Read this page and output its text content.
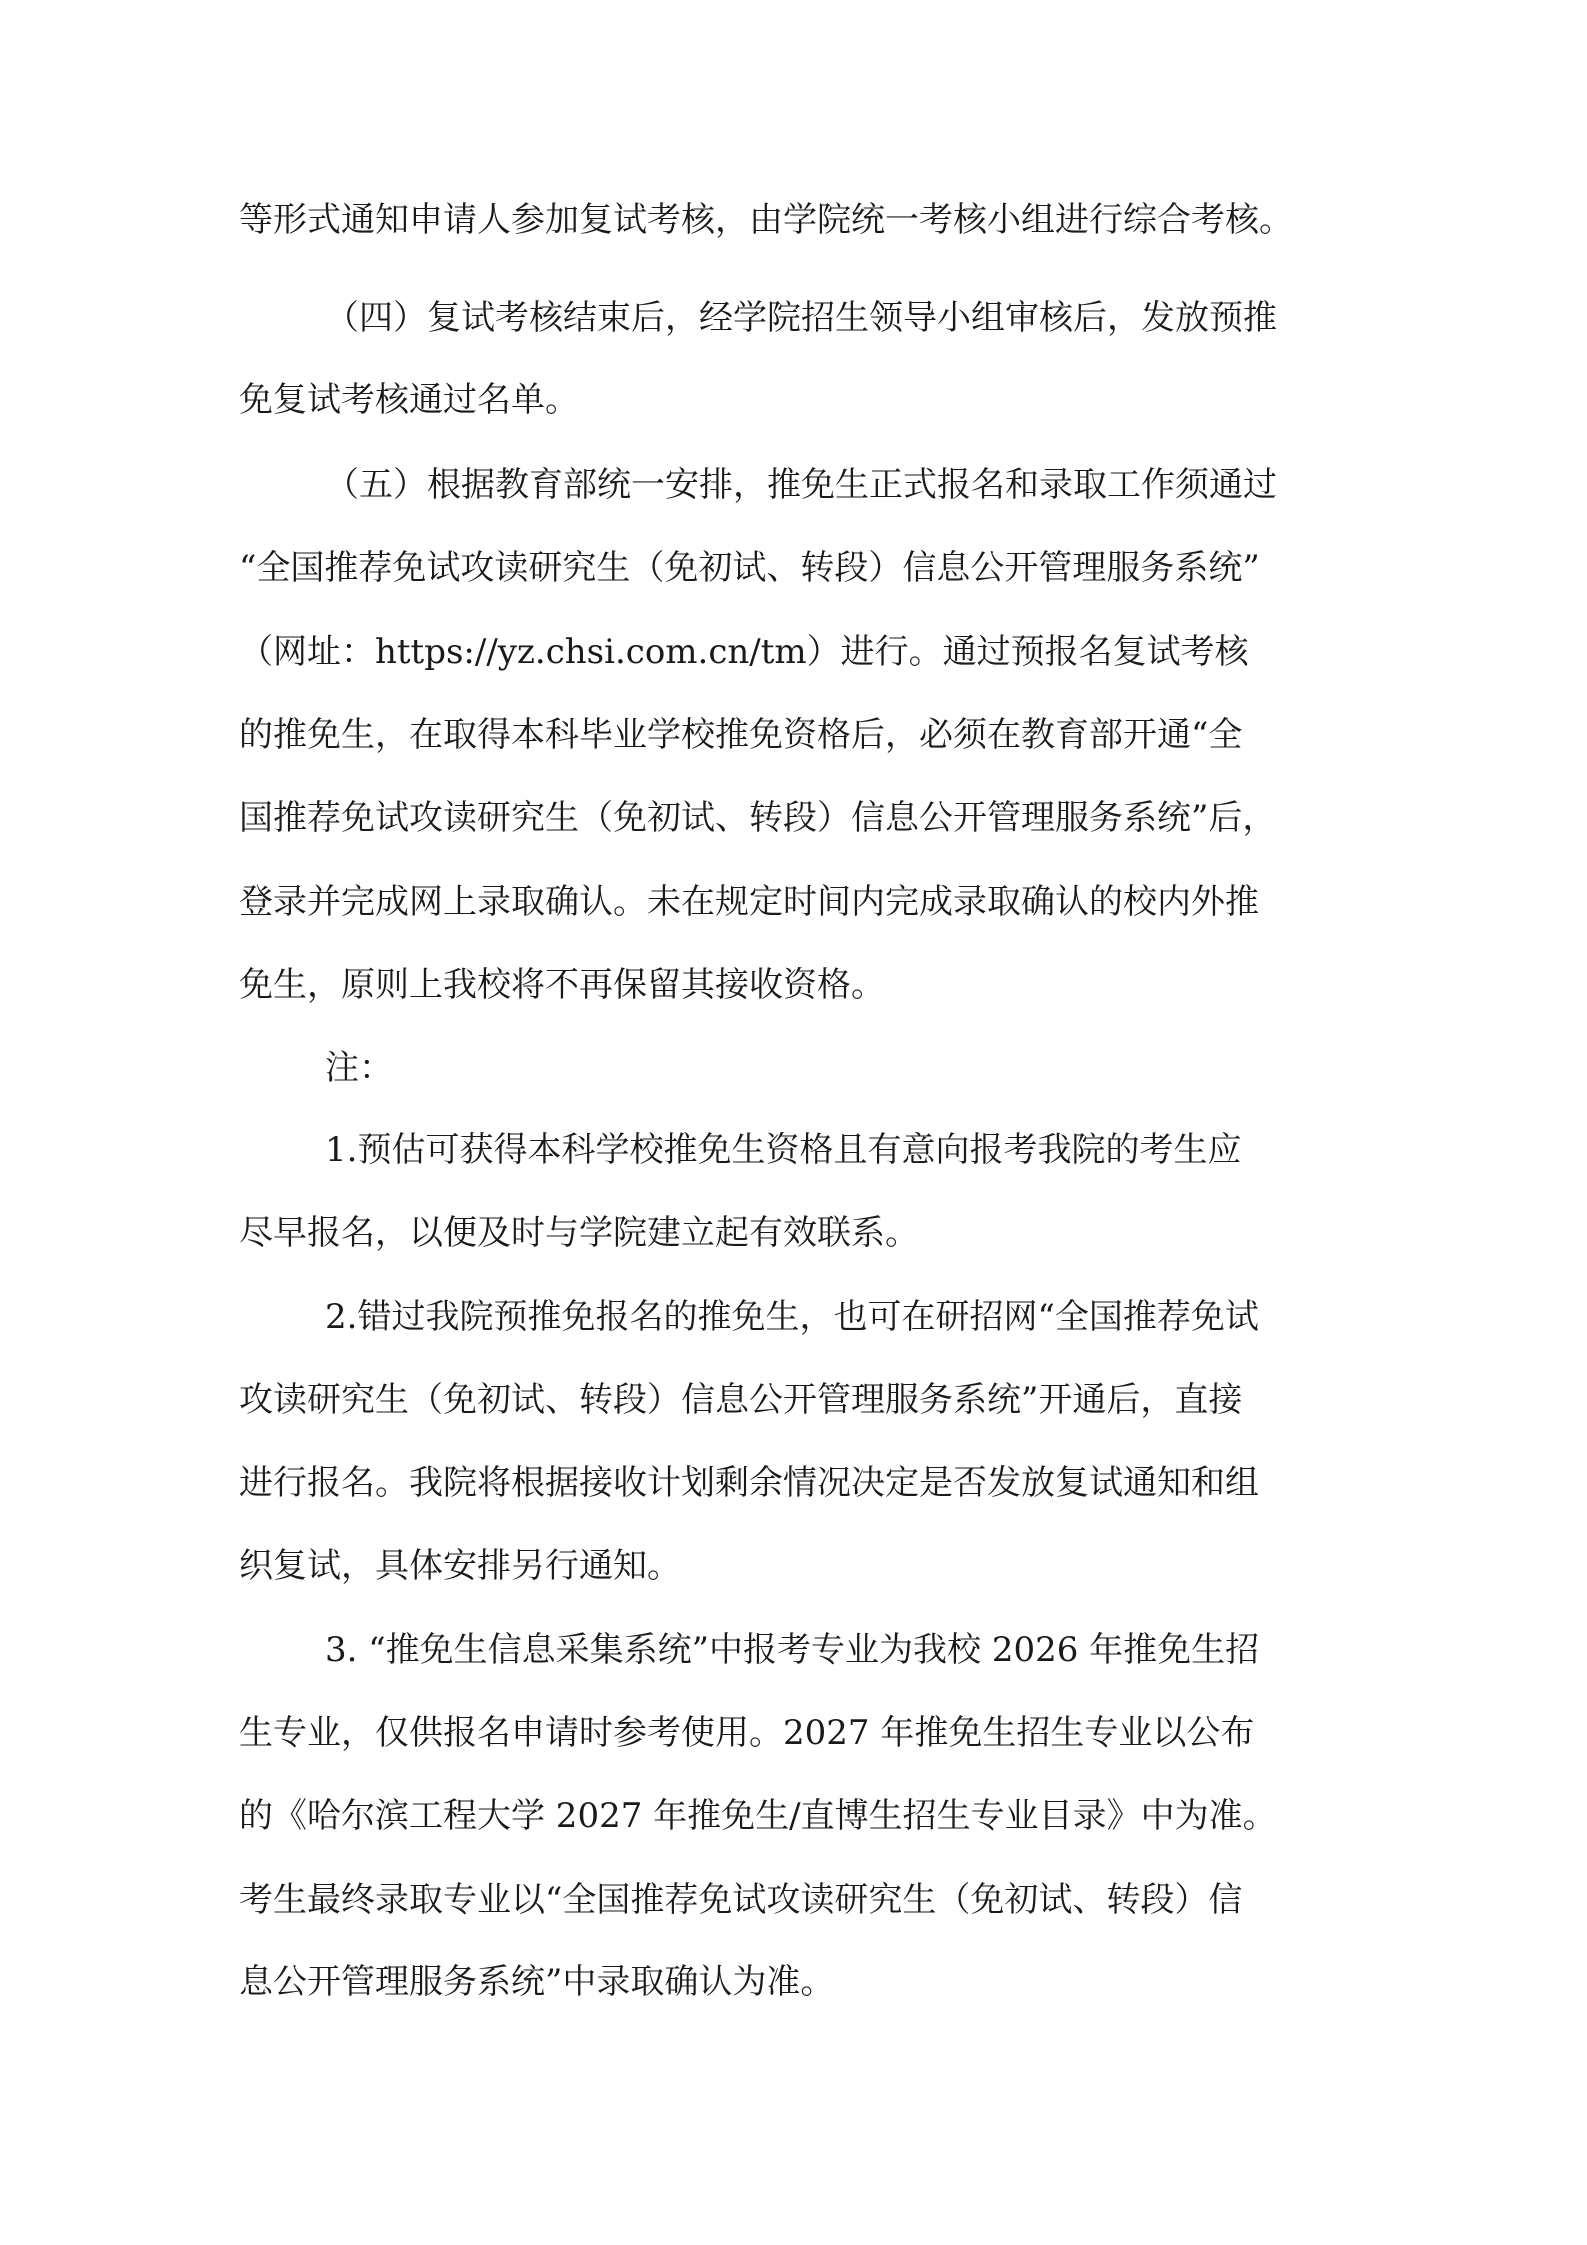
等形式通知申请人参加复试考核，由学院统一考核小组进行综合考核。
（四）复试考核结束后，经学院招生领导小组审核后，发放预推
免复试考核通过名单。
（五）根据教育部统一安排，推免生正式报名和录取工作须通过
“全国推荐免试攻读研究生（免初试、转段）信息公开管理服务系统”
（网址：https://yz.chsi.com.cn/tm）进行。通过预报名复试考核
的推免生，在取得本科毕业学校推免资格后，必须在教育部开通“全
国推荐免试攻读研究生（免初试、转段）信息公开管理服务系统”后，
登录并完成网上录取确认。未在规定时间内完成录取确认的校内外推
免生，原则上我校将不再保留其接收资格。
注：
1.预估可获得本科学校推免生资格且有意向报考我院的考生应
尽早报名，以便及时与学院建立起有效联系。
2.错过我院预推免报名的推免生，也可在研招网“全国推荐免试
攻读研究生（免初试、转段）信息公开管理服务系统”开通后，直接
进行报名。我院将根据接收计划剩余情况决定是否发放复试通知和组
织复试，具体安排另行通知。
3. “推免生信息采集系统”中报考专业为我校 2026 年推免生招
生专业，仅供报名申请时参考使用。2027 年推免生招生专业以公布
的《哈尔滨工程大学 2027 年推免生/直博生招生专业目录》中为准。
考生最终录取专业以“全国推荐免试攻读研究生（免初试、转段）信
息公开管理服务系统”中录取确认为准。
